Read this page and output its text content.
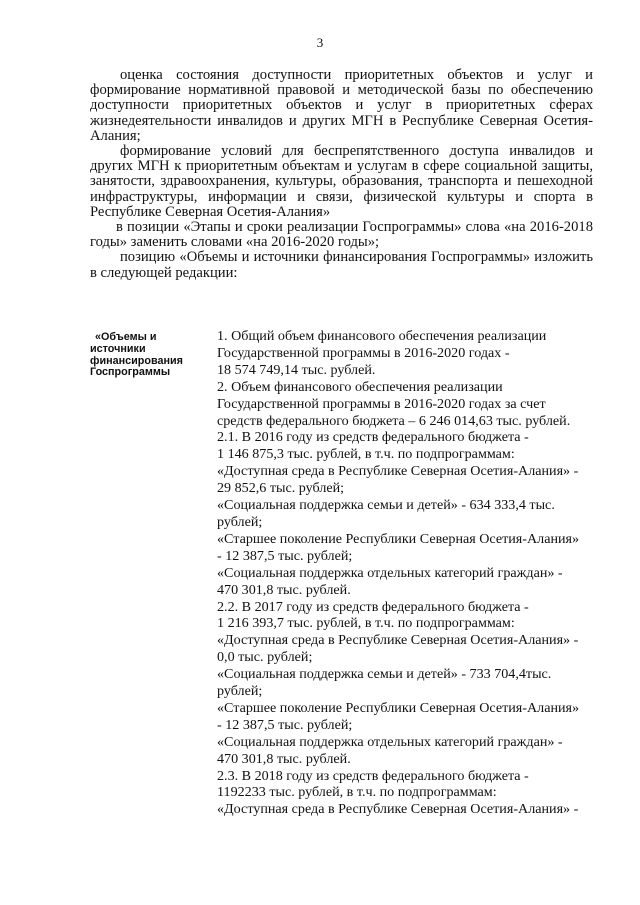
3

оценка состояния доступности приоритетных объектов и услуг и формирование нормативной правовой и методической базы по обеспечению доступности приоритетных объектов и услуг в приоритетных сферах жизнедеятельности инвалидов и других МГН в Республике Северная Осетия-Алания;

формирование условий для беспрепятственного доступа инвалидов и других МГН к приоритетным объектам и услугам в сфере социальной защиты, занятости, здравоохранения, культуры, образования, транспорта и пешеходной инфраструктуры, информации и связи, физической культуры и спорта в Республике Северная Осетия-Алания»

в позиции «Этапы и сроки реализации Госпрограммы» слова «на 2016-2018 годы» заменить словами «на 2016-2020 годы»;

позицию «Объемы и источники финансирования Госпрограммы» изложить в следующей редакции:

«Объемы и
источники
финансирования
Госпрограммы
1. Общий объем финансового обеспечения реализации
Государственной программы в 2016-2020 годах -
18 574 749,14 тыс. рублей.
2. Объем финансового обеспечения реализации
Государственной программы в 2016-2020 годах за счет
средств федерального бюджета – 6 246 014,63 тыс. рублей.
2.1. В 2016 году из средств федерального бюджета -
1 146 875,3 тыс. рублей, в т.ч. по подпрограммам:
«Доступная среда в Республике Северная Осетия-Алания» -
29 852,6 тыс. рублей;
«Социальная поддержка семьи и детей» - 634 333,4 тыс.
рублей;
«Старшее поколение Республики Северная Осетия-Алания»
- 12 387,5 тыс. рублей;
«Социальная поддержка отдельных категорий граждан» -
470 301,8 тыс. рублей.
2.2. В 2017 году из средств федерального бюджета -
1 216 393,7 тыс. рублей, в т.ч. по подпрограммам:
«Доступная среда в Республике Северная Осетия-Алания» -
0,0 тыс. рублей;
«Социальная поддержка семьи и детей» - 733 704,4тыс.
рублей;
«Старшее поколение Республики Северная Осетия-Алания»
- 12 387,5 тыс. рублей;
«Социальная поддержка отдельных категорий граждан» -
470 301,8 тыс. рублей.
2.3. В 2018 году из средств федерального бюджета -
1192233 тыс. рублей, в т.ч. по подпрограммам:
«Доступная среда в Республике Северная Осетия-Алания» -
